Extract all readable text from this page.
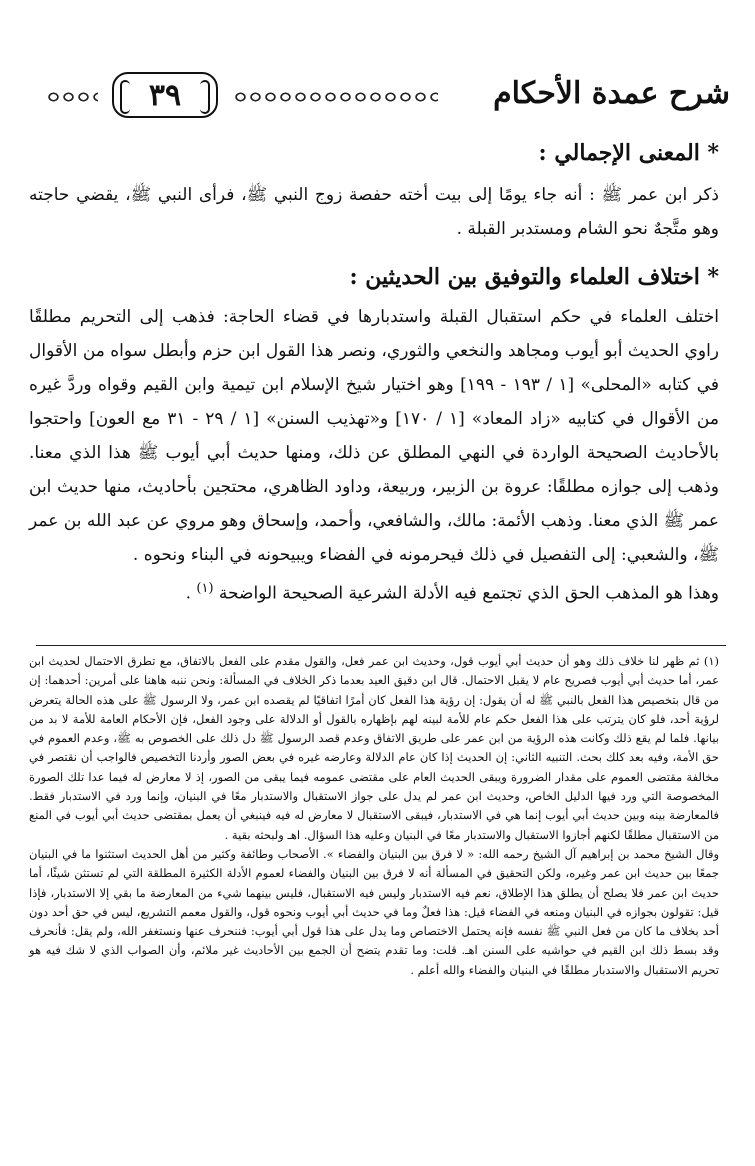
شرح عمدة الأحكام
٣٩
* المعنى الإجمالي :
ذكر ابن عمر ﷺ : أنه جاء يومًا إلى بيت أخته حفصة زوج النبي ﷺ، فرأى النبي ﷺ، يقضي حاجته وهو متَّجهٌ نحو الشام ومستدبر القبلة .
* اختلاف العلماء والتوفيق بين الحديثين :
اختلف العلماء في حكم استقبال القبلة واستدبارها في قضاء الحاجة: فذهب إلى التحريم مطلقًا راوي الحديث أبو أيوب ومجاهد والنخعي والثوري، ونصر هذا القول ابن حزم وأبطل سواه من الأقوال في كتابه «المحلى» [١ / ١٩٣ - ١٩٩] وهو اختيار شيخ الإسلام ابن تيمية وابن القيم وقواه وردَّ غيره من الأقوال في كتابيه «زاد المعاد» [١ / ١٧٠] و«تهذيب السنن» [١ / ٢٩ - ٣١ مع العون] واحتجوا بالأحاديث الصحيحة الواردة في النهي المطلق عن ذلك، ومنها حديث أبي أيوب ﷺ هذا الذي معنا. وذهب إلى جوازه مطلقًا: عروة بن الزبير، وربيعة، وداود الظاهري، محتجين بأحاديث، منها حديث ابن عمر ﷺ الذي معنا. وذهب الأئمة: مالك، والشافعي، وأحمد، وإسحاق وهو مروي عن عبد الله بن عمر ﷺ، والشعبي: إلى التفصيل في ذلك فيحرمونه في الفضاء ويبيحونه في البناء ونحوه .
وهذا هو المذهب الحق الذي تجتمع فيه الأدلة الشرعية الصحيحة الواضحة $^{(١)}$ .

(١) ثم ظهر لنا خلاف ذلك وهو أن حديث أبي أيوب قول، وحديث ابن عمر فعل، والقول مقدم على الفعل بالاتفاق، مع تطرق الاحتمال لحديث ابن عمر، أما حديث أبي أيوب فصريح عام لا يقبل الاحتمال. قال ابن دقيق العيد بعدما ذكر الخلاف في المسألة: ونحن ننبه هاهنا على أمرين: أحدهما: إن من قال بتخصيص هذا الفعل بالنبي ﷺ له أن يقول: إن رؤية هذا الفعل كان أمرًا اتفاقيًا لم يقصده ابن عمر، ولا الرسول ﷺ على هذه الحالة يتعرض لرؤية أحد، فلو كان يترتب على هذا الفعل حكم عام للأمة لبينه لهم بإظهاره بالقول أو الدلالة على وجود الفعل، فإن الأحكام العامة للأمة لا بد من بيانها. فلما لم يقع ذلك وكانت هذه الرؤية من ابن عمر على طريق الاتفاق وعدم قصد الرسول ﷺ دل ذلك على الخصوص به ﷺ، وعدم العموم في حق الأمة، وفيه بعد كلك بحث. التنبيه الثاني: إن الحديث إذا كان عام الدلالة وعارضه غيره في بعض الصور وأردنا التخصيص فالواجب أن نقتصر في مخالفة مقتضى العموم على مقدار الضرورة ويبقى الحديث العام على مقتضى عمومه فيما يبقى من الصور، إذ لا معارض له فيما عدا تلك الصورة المخصوصة التي ورد فيها الدليل الخاص، وحديث ابن عمر لم يدل على جواز الاستقبال والاستدبار معًا في البنيان، وإنما ورد في الاستدبار فقط. فالمعارضة بينه وبين حديث أبي أيوب إنما هي في الاستدبار، فيبقى الاستقبال لا معارض له فيه فينبغي أن يعمل بمقتضى حديث أبي أيوب في المنع من الاستقبال مطلقًا لكنهم أجازوا الاستقبال والاستدبار معًا في البنيان وعليه هذا السؤال. اهـ ولبحثه بقية .

وقال الشيخ محمد بن إبراهيم آل الشيخ رحمه الله: « لا فرق بين البنيان والفضاء ». الأصحاب وطائفة وكثير من أهل الحديث استثنوا ما في البنيان جمعًا بين حديث ابن عمر وغيره، ولكن التحقيق في المسألة أنه لا فرق بين البنيان والفضاء لعموم الأدلة الكثيرة المطلقة التي لم تستثن شيئًا، أما حديث ابن عمر فلا يصلح أن يطلق هذا الإطلاق، نعم فيه الاستدبار وليس فيه الاستقبال، فليس بينهما شيء من المعارضة ما بقي إلا الاستدبار، فإذا قيل: تقولون بجوازه في البنيان ومنعه في الفضاء قيل: هذا فعلٌ وما في حديث أبي أيوب ونحوه قول، والقول معمم التشريع، ليس في حق أحد دون أحد بخلاف ما كان من فعل النبي ﷺ نفسه فإنه يحتمل الاختصاص وما يدل على هذا قول أبي أيوب: فننحرف عنها ونستغفر الله، ولم يقل: فأنحرف وقد بسط ذلك ابن القيم في حواشيه على السنن اهـ. قلت: وما تقدم يتضح أن الجمع بين الأحاديث غير ملائم، وأن الصواب الذي لا شك فيه هو تحريم الاستقبال والاستدبار مطلقًا في البنيان والفضاء والله أعلم .
